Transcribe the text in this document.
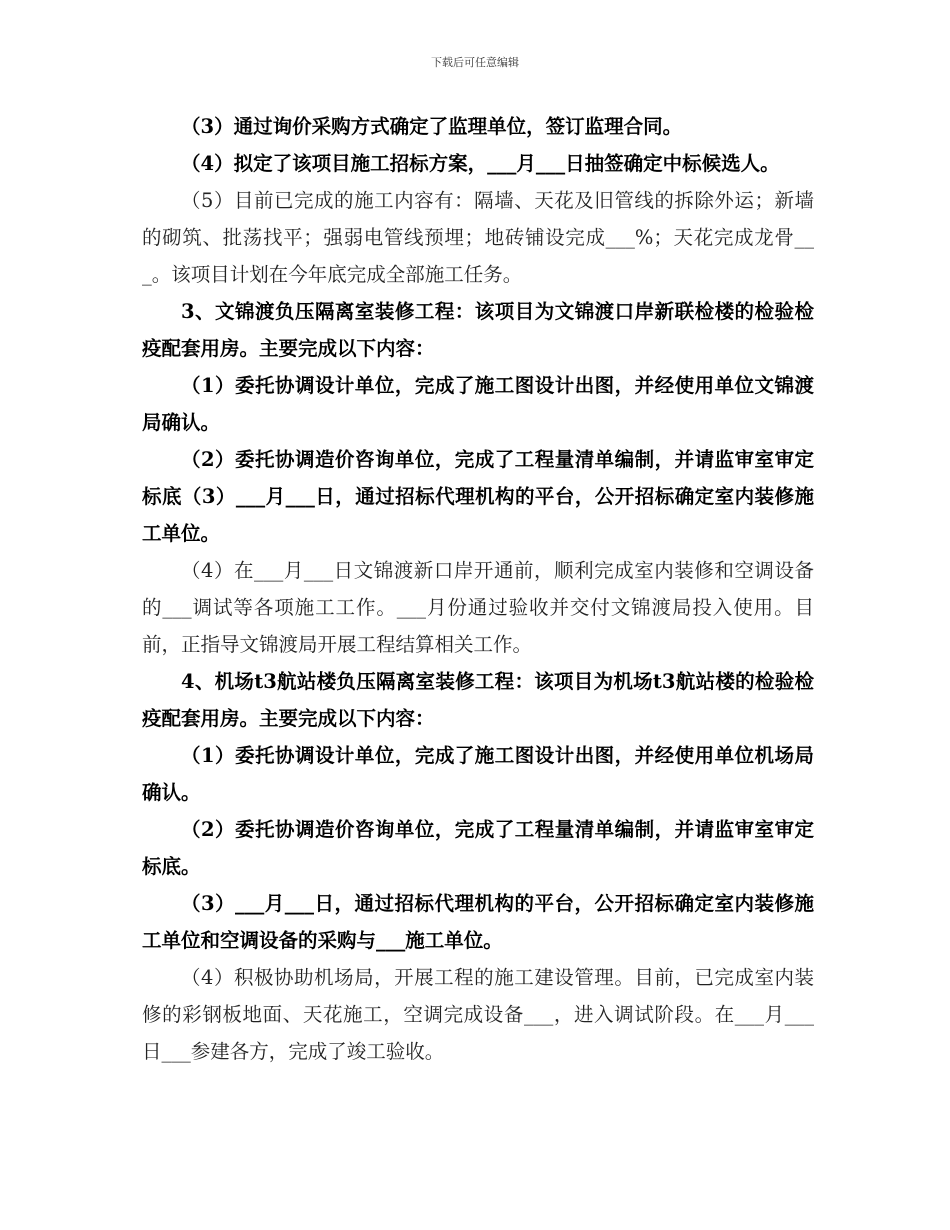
下载后可任意编辑

（3）通过询价采购方式确定了监理单位，签订监理合同。

（4）拟定了该项目施工招标方案，___月___日抽签确定中标候选人。

（5）目前已完成的施工内容有：隔墙、天花及旧管线的拆除外运；新墙的砌筑、批荡找平；强弱电管线预埋；地砖铺设完成___%；天花完成龙骨___。该项目计划在今年底完成全部施工任务。

3、文锦渡负压隔离室装修工程：该项目为文锦渡口岸新联检楼的检验检疫配套用房。主要完成以下内容：

（1）委托协调设计单位，完成了施工图设计出图，并经使用单位文锦渡局确认。

（2）委托协调造价咨询单位，完成了工程量清单编制，并请监审室审定标底（3）___月___日，通过招标代理机构的平台，公开招标确定室内装修施工单位。

（4）在___月___日文锦渡新口岸开通前，顺利完成室内装修和空调设备的___调试等各项施工工作。___月份通过验收并交付文锦渡局投入使用。目前，正指导文锦渡局开展工程结算相关工作。

4、机场t3航站楼负压隔离室装修工程：该项目为机场t3航站楼的检验检疫配套用房。主要完成以下内容：

（1）委托协调设计单位，完成了施工图设计出图，并经使用单位机场局确认。

（2）委托协调造价咨询单位，完成了工程量清单编制，并请监审室审定标底。

（3）___月___日，通过招标代理机构的平台，公开招标确定室内装修施工单位和空调设备的采购与___施工单位。

（4）积极协助机场局，开展工程的施工建设管理。目前，已完成室内装修的彩钢板地面、天花施工，空调完成设备___，进入调试阶段。在___月___日___参建各方，完成了竣工验收。
